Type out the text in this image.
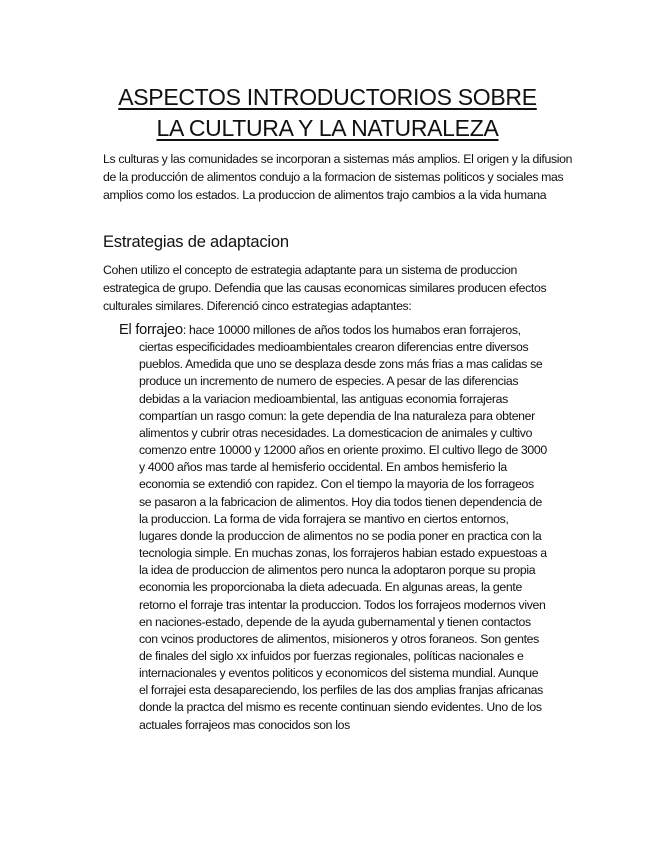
ASPECTOS INTRODUCTORIOS SOBRE
LA CULTURA Y LA NATURALEZA

Ls culturas y las comunidades se incorporan a sistemas más amplios. El origen y la difusion de la producción de alimentos condujo a la formacion de sistemas politicos y sociales mas amplios como los estados. La produccion de alimentos trajo cambios a la vida humana

Estrategias de adaptacion

Cohen utilizo el concepto de estrategia adaptante para un sistema de produccion estrategica de grupo. Defendia que las causas economicas similares producen efectos culturales similares. Diferenció cinco estrategias adaptantes:

El forrajeo: hace 10000 millones de años todos los humabos eran forrajeros, ciertas especificidades medioambientales crearon diferencias entre diversos pueblos. Amedida que uno se desplaza desde zons más frias a mas calidas se produce un incremento de numero de especies. A pesar de las diferencias debidas a la variacion medioambiental, las antiguas economia forrajeras compartían un rasgo comun: la gete dependia de lna naturaleza para obtener alimentos y cubrir otras necesidades. La domesticacion de animales y cultivo comenzo entre 10000 y 12000 años en oriente proximo. El cultivo llego de 3000 y 4000 años mas tarde al hemisferio occidental. En ambos hemisferio la economia se extendió con rapidez. Con el tiempo la mayoria de los forrageos se pasaron a la fabricacion de alimentos. Hoy dia todos tienen dependencia de la produccion. La forma de vida forrajera se mantivo en ciertos entornos, lugares donde la produccion de alimentos no se podia poner en practica con la tecnologia simple. En muchas zonas, los forrajeros habian estado expuestoas a la idea de produccion de alimentos pero nunca la adoptaron porque su propia economia les proporcionaba la dieta adecuada. En algunas areas, la gente retorno el forraje tras intentar la produccion. Todos los forrajeos modernos viven en naciones-estado, depende de la ayuda gubernamental y tienen contactos con vcinos productores de alimentos, misioneros y otros foraneos. Son gentes de finales del siglo xx infuidos por fuerzas regionales, políticas nacionales e internacionales y eventos politicos y economicos del sistema mundial. Aunque el forrajei esta desapareciendo, los perfiles de las dos amplias franjas africanas donde la practca del mismo es recente continuan siendo evidentes. Uno de los actuales forrajeos mas conocidos son los
